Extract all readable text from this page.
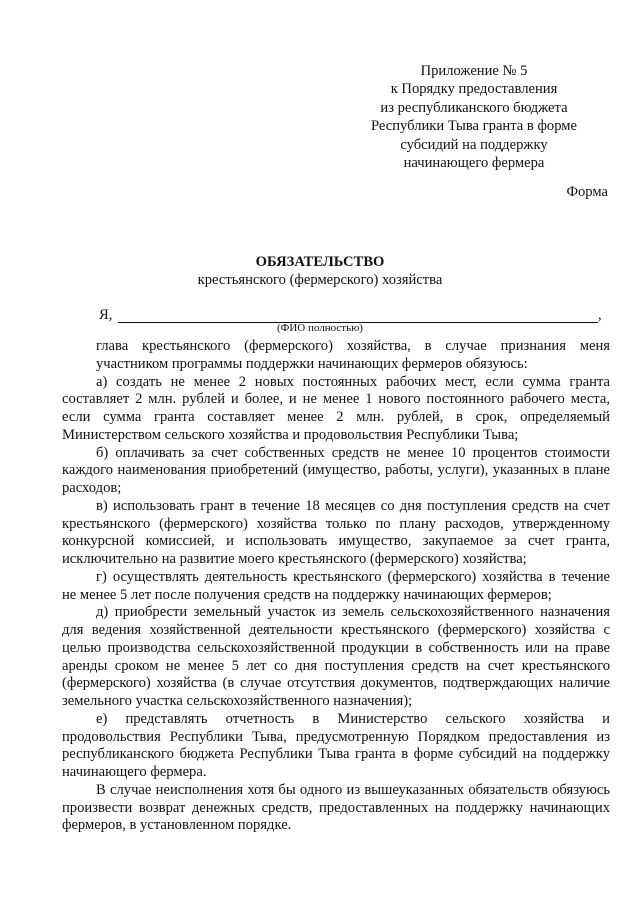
Приложение № 5
к Порядку предоставления
из республиканского бюджета
Республики Тыва гранта в форме
субсидий на поддержку
начинающего фермера
Форма
ОБЯЗАТЕЛЬСТВО
крестьянского (фермерского) хозяйства
Я,	,
(ФИО полностью)

глава крестьянского (фермерского) хозяйства, в случае признания меня участником программы поддержки начинающих фермеров обязуюсь:

а) создать не менее 2 новых постоянных рабочих мест, если сумма гранта составляет 2 млн. рублей и более, и не менее 1 нового постоянного рабочего места, если сумма гранта составляет менее 2 млн. рублей, в срок, определяемый Министерством сельского хозяйства и продовольствия Республики Тыва;

б) оплачивать за счет собственных средств не менее 10 процентов стоимости каждого наименования приобретений (имущество, работы, услуги), указанных в плане расходов;

в) использовать грант в течение 18 месяцев со дня поступления средств на счет крестьянского (фермерского) хозяйства только по плану расходов, утвержденному конкурсной комиссией, и использовать имущество, закупаемое за счет гранта, исключительно на развитие моего крестьянского (фермерского) хозяйства;

г) осуществлять деятельность крестьянского (фермерского) хозяйства в течение не менее 5 лет после получения средств на поддержку начинающих фермеров;

д) приобрести земельный участок из земель сельскохозяйственного назначения для ведения хозяйственной деятельности крестьянского (фермерского) хозяйства с целью производства сельскохозяйственной продукции в собственность или на праве аренды сроком не менее 5 лет со дня поступления средств на счет крестьянского (фермерского) хозяйства (в случае отсутствия документов, подтверждающих наличие земельного участка сельскохозяйственного назначения);

е) представлять отчетность в Министерство сельского хозяйства и продовольствия Республики Тыва, предусмотренную Порядком предоставления из республиканского бюджета Республики Тыва гранта в форме субсидий на поддержку начинающего фермера.

В случае неисполнения хотя бы одного из вышеуказанных обязательств обязуюсь произвести возврат денежных средств, предоставленных на поддержку начинающих фермеров, в установленном порядке.
